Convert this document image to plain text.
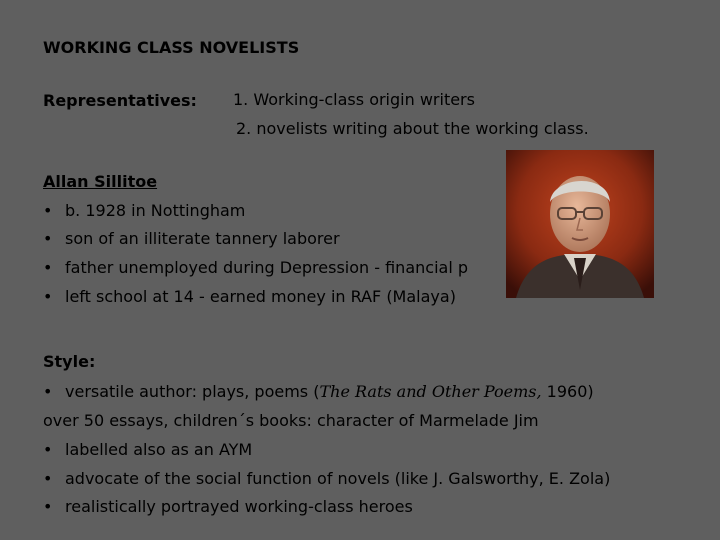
WORKING CLASS NOVELISTS
Representatives: 1. Working-class origin writers
2. novelists writing about the working class.
Allan Sillitoe
• b. 1928 in Nottingham
• son of an illiterate tannery laborer
• father unemployed during Depression - financial p
• left school at 14 - earned money in RAF (Malaya)
Style:
• versatile author: plays, poems (The Rats and Other Poems, 1960)
over 50 essays, children´s books: character of Marmelade Jim
• labelled also as an AYM
• advocate of the social function of novels (like J. Galsworthy, E. Zola)
• realistically portrayed working-class heroes
